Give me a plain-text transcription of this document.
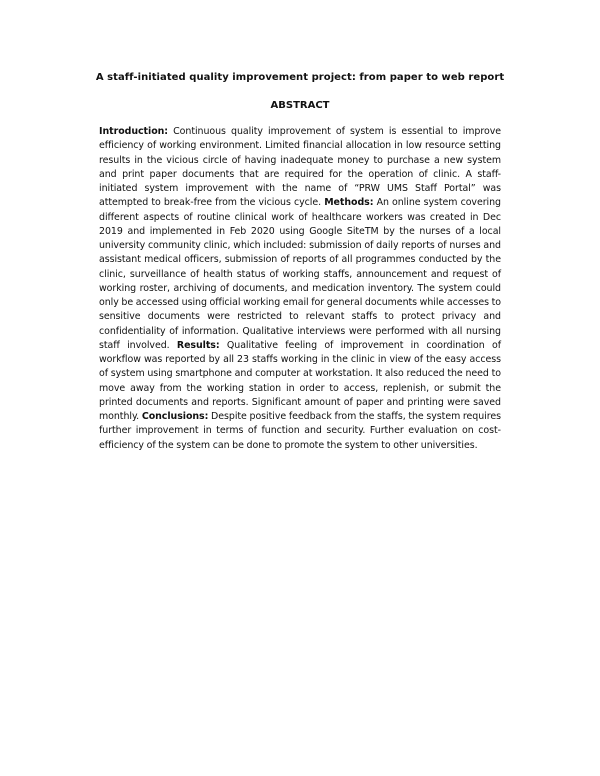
A staff-initiated quality improvement project: from paper to web report
ABSTRACT

Introduction: Continuous quality improvement of system is essential to improve efficiency of working environment. Limited financial allocation in low resource setting results in the vicious circle of having inadequate money to purchase a new system and print paper documents that are required for the operation of clinic. A staff-initiated system improvement with the name of “PRW UMS Staff Portal” was attempted to break-free from the vicious cycle. Methods: An online system covering different aspects of routine clinical work of healthcare workers was created in Dec 2019 and implemented in Feb 2020 using Google SiteTM by the nurses of a local university community clinic, which included: submission of daily reports of nurses and assistant medical officers, submission of reports of all programmes conducted by the clinic, surveillance of health status of working staffs, announcement and request of working roster, archiving of documents, and medication inventory. The system could only be accessed using official working email for general documents while accesses to sensitive documents were restricted to relevant staffs to protect privacy and confidentiality of information. Qualitative interviews were performed with all nursing staff involved. Results: Qualitative feeling of improvement in coordination of workflow was reported by all 23 staffs working in the clinic in view of the easy access of system using smartphone and computer at workstation. It also reduced the need to move away from the working station in order to access, replenish, or submit the printed documents and reports. Significant amount of paper and printing were saved monthly. Conclusions: Despite positive feedback from the staffs, the system requires further improvement in terms of function and security. Further evaluation on cost-efficiency of the system can be done to promote the system to other universities.
